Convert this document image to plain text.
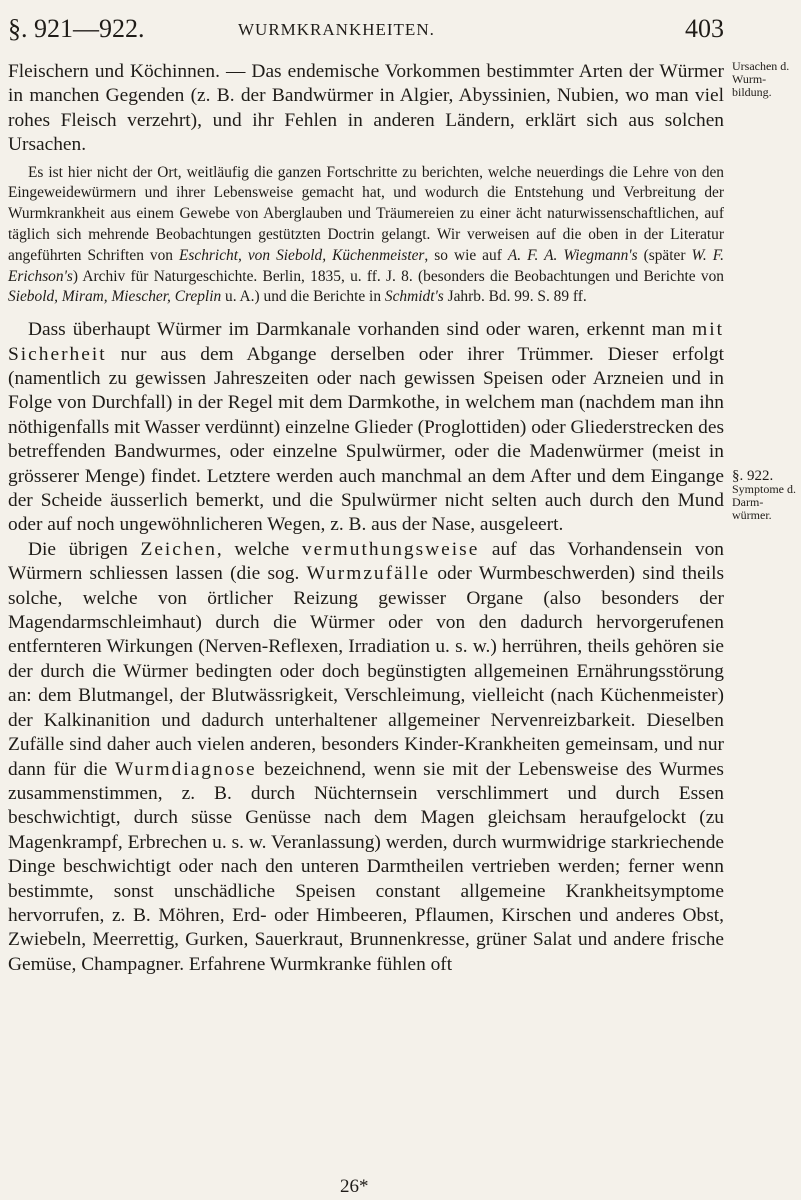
§. 921—922.	WURMKRANKHEITEN.	403

Fleischern und Köchinnen. — Das endemische Vorkommen bestimmter Arten der Würmer in manchen Gegenden (z. B. der Bandwürmer in Algier, Abyssinien, Nubien, wo man viel rohes Fleisch verzehrt), und ihr Fehlen in anderen Ländern, erklärt sich aus solchen Ursachen.

Es ist hier nicht der Ort, weitläufig die ganzen Fortschritte zu berichten, welche neuerdings die Lehre von den Eingeweidewürmern und ihrer Lebensweise gemacht hat, und wodurch die Entstehung und Verbreitung der Wurmkrankheit aus einem Gewebe von Aberglauben und Träumereien zu einer ächt naturwissenschaftlichen, auf täglich sich mehrende Beobachtungen gestützten Doctrin gelangt. Wir verweisen auf die oben in der Literatur angeführten Schriften von Eschricht, von Siebold, Küchenmeister, so wie auf A. F. A. Wiegmann's (später W. F. Erichson's) Archiv für Naturgeschichte. Berlin, 1835, u. ff. J. 8. (besonders die Beobachtungen und Berichte von Siebold, Miram, Miescher, Creplin u. A.) und die Berichte in Schmidt's Jahrb. Bd. 99. S. 89 ff.

Dass überhaupt Würmer im Darmkanale vorhanden sind oder waren, erkennt man mit Sicherheit nur aus dem Abgange derselben oder ihrer Trümmer. Dieser erfolgt (namentlich zu gewissen Jahreszeiten oder nach gewissen Speisen oder Arzneien und in Folge von Durchfall) in der Regel mit dem Darmkothe, in welchem man (nachdem man ihn nöthigenfalls mit Wasser verdünnt) einzelne Glieder (Proglottiden) oder Gliederstrecken des betreffenden Bandwurmes, oder einzelne Spulwürmer, oder die Madenwürmer (meist in grösserer Menge) findet. Letztere werden auch manchmal an dem After und dem Eingange der Scheide äusserlich bemerkt, und die Spulwürmer nicht selten auch durch den Mund oder auf noch ungewöhnlicheren Wegen, z. B. aus der Nase, ausgeleert.

Die übrigen Zeichen, welche vermuthungsweise auf das Vorhandensein von Würmern schliessen lassen (die sog. Wurmzufälle oder Wurmbeschwerden) sind theils solche, welche von örtlicher Reizung gewisser Organe (also besonders der Magendarmschleimhaut) durch die Würmer oder von den dadurch hervorgerufenen entfernteren Wirkungen (Nerven-Reflexen, Irradiation u. s. w.) herrühren, theils gehören sie der durch die Würmer bedingten oder doch begünstigten allgemeinen Ernährungsstörung an: dem Blutmangel, der Blutwässrigkeit, Verschleimung, vielleicht (nach Küchenmeister) der Kalkinanition und dadurch unterhaltener allgemeiner Nervenreizbarkeit. Dieselben Zufälle sind daher auch vielen anderen, besonders Kinder-Krankheiten gemeinsam, und nur dann für die Wurmdiagnose bezeichnend, wenn sie mit der Lebensweise des Wurmes zusammenstimmen, z. B. durch Nüchternsein verschlimmert und durch Essen beschwichtigt, durch süsse Genüsse nach dem Magen gleichsam heraufgelockt (zu Magenkrampf, Erbrechen u. s. w. Veranlassung) werden, durch wurmwidrige starkriechende Dinge beschwichtigt oder nach den unteren Darmtheilen vertrieben werden; ferner wenn bestimmte, sonst unschädliche Speisen constant allgemeine Krankheitsymptome hervorrufen, z. B. Möhren, Erd- oder Himbeeren, Pflaumen, Kirschen und anderes Obst, Zwiebeln, Meerrettig, Gurken, Sauerkraut, Brunnenkresse, grüner Salat und andere frische Gemüse, Champagner. Erfahrene Wurmkranke fühlen oft

Ursachen d.
Wurm-
bildung.
§. 922.
Symptome d.
Darm-
würmer.
26*
